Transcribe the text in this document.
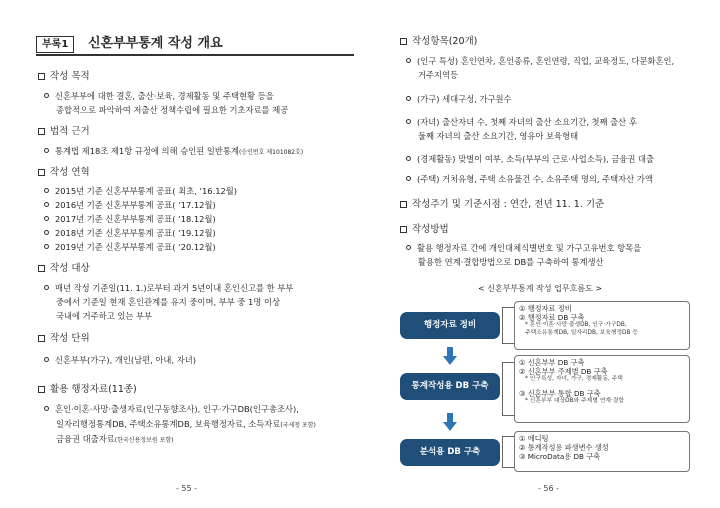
부록1	신혼부부통계 작성 개요
작성 목적
신혼부부에 대한 결혼, 출산·보육, 경제활동 및 주택현황 등을
종합적으로 파악하여 저출산 정책수립에 필요한 기초자료를 제공
법적 근거
통계법 제18조 제1항 규정에 의해 승인된 일반통계(승인번호 제101082호)
작성 연혁
2015년 기준 신혼부부통계 공표( 최초, ‘16.12월)
2016년 기준 신혼부부통계 공표( ‘17.12월)
2017년 기준 신혼부부통계 공표( ‘18.12월)
2018년 기준 신혼부부통계 공표( ‘19.12월)
2019년 기준 신혼부부통계 공표( ‘20.12월)
작성 대상
매년 작성 기준일(11. 1.)로부터 과거 5년이내 혼인신고를 한 부부
중에서 기준일 현재 혼인관계를 유지 중이며, 부부 중 1명 이상
국내에 거주하고 있는 부부
작성 단위
신혼부부(가구), 개인(남편, 아내, 자녀)
활용 행정자료(11종)
혼인·이혼·사망·출생자료(인구동향조사), 인구·가구DB(인구총조사),
일자리행정통계DB, 주택소유통계DB, 보육행정자료, 소득자료(국세청 포함)
금융권 대출자료(한국신용정보원 포함)
- 55 -
작성항목(20개)
(인구 특성) 혼인연차, 혼인종류, 혼인연령, 직업, 교육정도, 다문화혼인,
거주지역등
(가구) 세대구성, 가구원수
(자녀) 출산자녀 수, 첫째 자녀의 출산 소요기간, 첫째 출산 후
둘째 자녀의 출산 소요기간, 영유아 보육형태
(경제활동) 맞벌이 여부, 소득(부부의 근로·사업소득), 금융권 대출
(주택) 거처유형, 주택 소유물건 수, 소유주택 명의, 주택자산 가액
작성주기 및 기준시점 : 연간, 전년 11. 1. 기준
작성방법
활용 행정자료 간에 개인대체식별번호 및 가구고유번호 항목을
활용한 연계·결합방법으로 DB를 구축하여 통계생산
< 신혼부부통계 작성 업무흐름도 >
행정자료 정비
① 행정자료 정비
② 행정자료 DB 구축
* 혼인·이혼·사망·출생DB, 인구·가구DB,
주택소유통계DB, 일자리DB, 보육행정DB 등
통계작성용 DB 구축
① 신혼부부 DB 구축
② 신혼부부 주제별 DB 구축
* 인구특성, 자녀, 가구, 경제활동, 주택
③ 신혼부부 통합 DB 구축
* 신혼부부 대상DB와 주제별 연계·결합
분석용 DB 구축
① 에디팅
② 통계작성용 파생변수 생성
③ MicroData용 DB 구축
- 56 -
